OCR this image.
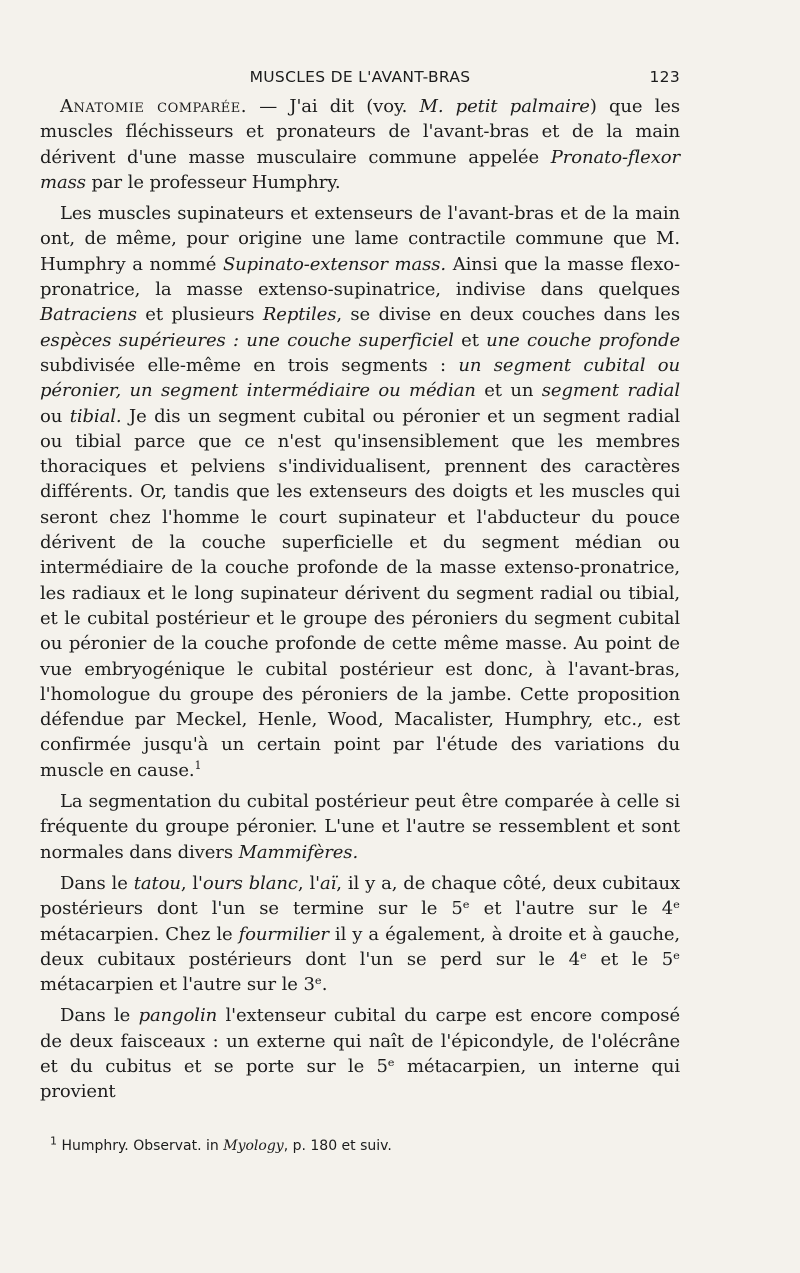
MUSCLES DE L'AVANT-BRAS	123

Anatomie comparée. — J'ai dit (voy. M. petit palmaire) que les muscles fléchisseurs et pronateurs de l'avant-bras et de la main dérivent d'une masse musculaire commune appelée Pronato-flexor mass par le professeur Humphry.

Les muscles supinateurs et extenseurs de l'avant-bras et de la main ont, de même, pour origine une lame contractile commune que M. Humphry a nommé Supinato-extensor mass. Ainsi que la masse flexo-pronatrice, la masse extenso-supinatrice, indivise dans quelques Batraciens et plusieurs Reptiles, se divise en deux couches dans les espèces supérieures : une couche superficiel et une couche profonde subdivisée elle-même en trois segments : un segment cubital ou péronier, un segment intermédiaire ou médian et un segment radial ou tibial. Je dis un segment cubital ou péronier et un segment radial ou tibial parce que ce n'est qu'insensiblement que les membres thoraciques et pelviens s'individualisent, prennent des caractères différents. Or, tandis que les extenseurs des doigts et les muscles qui seront chez l'homme le court supinateur et l'abducteur du pouce dérivent de la couche superficielle et du segment médian ou intermédiaire de la couche profonde de la masse extenso-pronatrice, les radiaux et le long supinateur dérivent du segment radial ou tibial, et le cubital postérieur et le groupe des péroniers du segment cubital ou péronier de la couche profonde de cette même masse. Au point de vue embryogénique le cubital postérieur est donc, à l'avant-bras, l'homologue du groupe des péroniers de la jambe. Cette proposition défendue par Meckel, Henle, Wood, Macalister, Humphry, etc., est confirmée jusqu'à un certain point par l'étude des variations du muscle en cause.$^1$

La segmentation du cubital postérieur peut être comparée à celle si fréquente du groupe péronier. L'une et l'autre se ressemblent et sont normales dans divers Mammifères.

Dans le tatou, l'ours blanc, l'aï, il y a, de chaque côté, deux cubitaux postérieurs dont l'un se termine sur le 5ᵉ et l'autre sur le 4ᵉ métacarpien. Chez le fourmilier il y a également, à droite et à gauche, deux cubitaux postérieurs dont l'un se perd sur le 4ᵉ et le 5ᵉ métacarpien et l'autre sur le 3ᵉ.

Dans le pangolin l'extenseur cubital du carpe est encore composé de deux faisceaux : un externe qui naît de l'épicondyle, de l'olécrâne et du cubitus et se porte sur le 5ᵉ métacarpien, un interne qui provient

$^1$ Humphry. Observat. in Myology, p. 180 et suiv.
